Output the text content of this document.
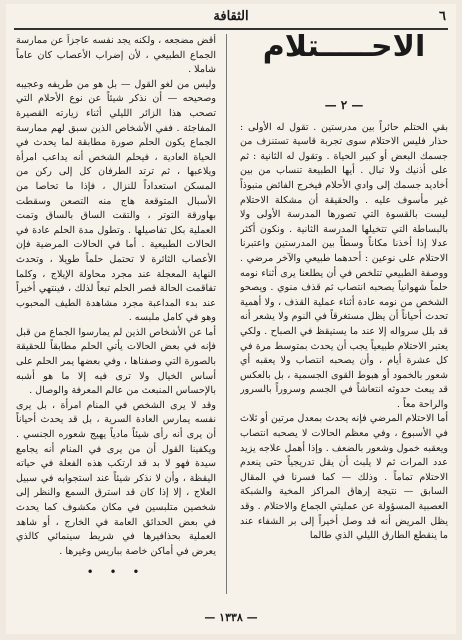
٦
الثقافة
الاحـــــتلام
— ٢ —

بقي الحتلم حائراً بين مدرستين . تقول له الأولى : حذار فليس الاحتلام سوى تجربة قاسية تستنزف من جسمك البعض أو كبير الحياة . وتقول له الثانية : ثم على أذنيك ولا تبال . أيها الطبيعة تنساب من بين أخاديد جسمك إلى وادي الأحلام فيخرج الفائض منبوذاً غير مأسوف عليه . والحقيقة أن مشكلة الاحتلام ليست بالقسوة التي تصورها المدرسة الأولى ولا بالبساطة التي تتخيلها المدرسة الثانية . ونكون أكثر عدلا إذا أخذنا مكاناً وسطاً بين المدرستين واعتبرنا الاحتلام على نوعين : أحدهما طبيعي والآخر مرضي . ووصفة الطبيعي تتلخص في أن يطلعنا يرى أثناء نومه حلماً شهوانياً يصحبه انتصاب ثم قذف منوي . ويصحو الشخص من نومه عادة أثناء عملية القذف ، ولا أهمية تحدث أحياناً أن يظل مستغرقاً في النوم ولا يشعر أنه قد بلل سرواله إلا عند ما يستيقظ في الصباح . ولكي يعتبر الاحتلام طبيعياً يجب أن يحدث بمتوسط مرة في كل عشرة أيام ، وأن يصحبه انتصاب ولا يعقبه أي شعور بالخمود أو هبوط القوى الجسمية ، بل بالعكس قد يبعث حدوثه انتعاشاً في الجسم وسروراً بالسرور والراحة معاً .

أما الاحتلام المرضي فإنه يحدث بمعدل مرتين أو ثلاث في الأسبوع ، وفي معظم الحالات لا يصحبه انتصاب ويعقبه خمول وشعور بالضعف . وإذا أهمل علاجه يزيد عدد المرات ثم لا يلبث أن يقل تدريجياً حتى ينعدم الاحتلام تماماً . وذلك — كما فسرنا في المقال السابق — نتيجة إرهاق المراكز المخية والشبكة العصبية المسؤولة عن عمليتي الجماع والاحتلام . وقد يظل المريض أنه قد وصل أخيراً إلى بر الشفاء عند ما ينقطع الطارق الليلي الذي طالما

أقض مضجعه ، ولكنه يجد نفسه عاجزاً عن ممارسة الجماع الطبيعي ، لأن إضراب الأعصاب كان عاماً شاملا .

وليس من لغو القول — بل هو من طريفه وعجيبه وصحيحه — أن نذكر شيئاً عن نوع الأحلام التي تصحب هذا الزائر الليلي أثناء زيارته القصيرة المفاجئة . ففي الأشخاص الذين سبق لهم ممارسة الجماع يكون الحلم صورة مطابقة لما يحدث في الحياة العادية ، فيحلم الشخص أنه يداعب امرأة ويلاعبها ، ثم ترتد الطرفان كل إلى ركن من المسكن استعداداً للنزال ، فإذا ما تحاصا من الأسبال المتوقعة هاج منه التصعن وسقطت بهاورقة التوتر ، والتقت الساق بالساق وتمت العملية بكل تفاصيلها . وتطول مدة الحلم عادة في الحالات الطبيعية . أما في الحالات المرضية فإن الأعصاب الثائرة لا تحتمل حلماً طويلا ، وتحدث النهاية المعجلة عند مجرد محاولة الإيلاج ، وكلما تفاقمت الحالة قصر الحلم تبعاً لذلك ، فينتهي أخيراً عند بدء المداعبة مجرد مشاهدة الطيف المحبوب وهو في كامل ملبسه .

أما عن الأشخاص الذين لم يمارسوا الجماع من قبل فإنه في بعض الحالات يأتي الحلم مطابقاً للحقيقة بالصورة التي وصفناها ، وفي بعضها يمر الحلم على أساس الخيال ولا ترى فيه إلا ما هو أشبه بالإحساس المنبعث من عالم المعرفة والوصال .

وقد لا يرى الشخص في المنام امرأة ، بل يرى نفسه يمارس العادة السرية ، بل قد يحدث أحياناً أن يرى أنه رأى شيئاً مادياً يهيج شعوره الجنسي . ويكفينا القول أن من يرى في المنام أنه يجامع سيدة فهو لا بد قد ارتكب هذه الفعلة في حياته اليقظة ، وأن لا نذكر شيئاً عند استجوابه في سبيل العلاج ، إلا إذا كان قد استرق السمع والنظر إلى شخصين متلبسين في مكان مكشوف كما يحدث في بعض الحدائق العامة في الخارج ، أو شاهد العملية بحذافيرها في شريط سينمائي كالذي يعرض في أماكن خاصة بباريس وغيرها .

• • •
— ١٣٣٨ —
